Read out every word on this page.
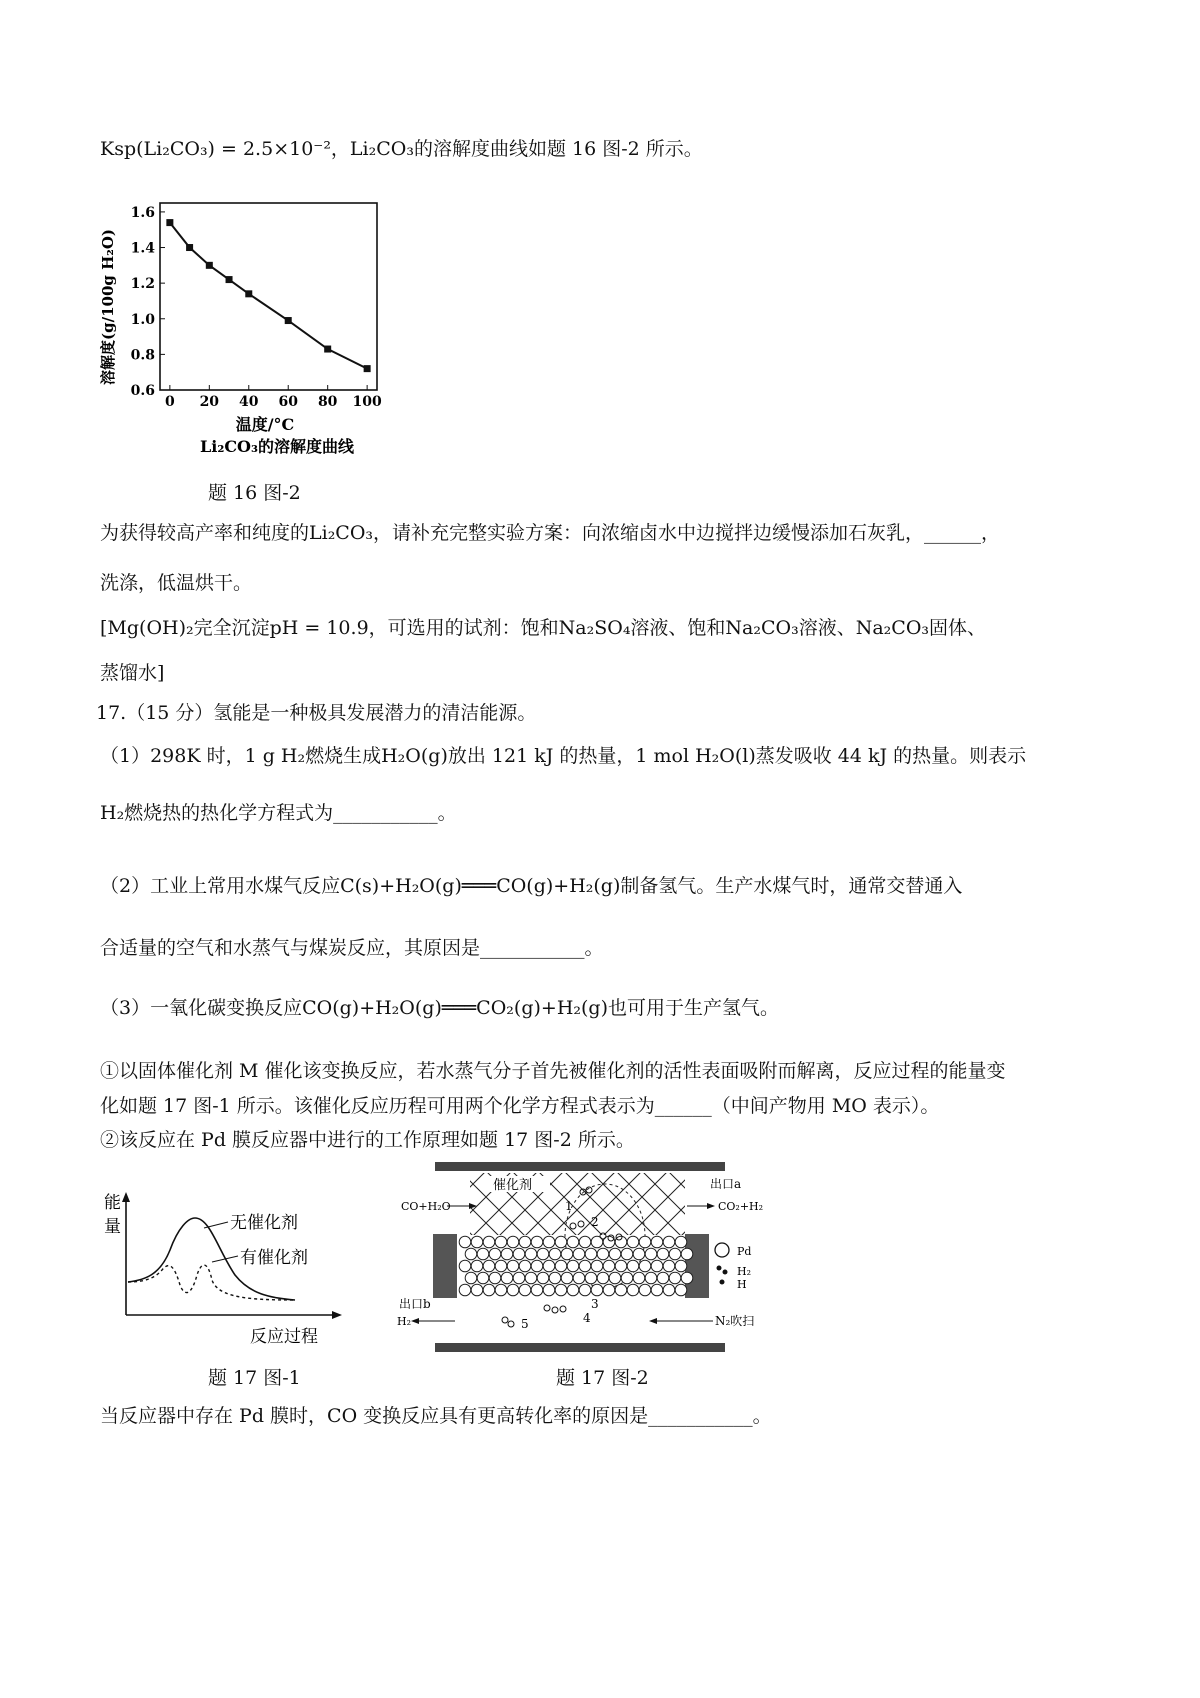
Ksp(Li₂CO₃) = 2.5×10⁻²，Li₂CO₃的溶解度曲线如题 16 图-2 所示。
0.6
0.8
1.0
1.2
1.4
1.6
0 20 40 60 80 100
溶解度(g/100g H₂O)
温度/°C
Li₂CO₃的溶解度曲线
题 16 图-2
为获得较高产率和纯度的Li₂CO₃，请补充完整实验方案：向浓缩卤水中边搅拌边缓慢添加石灰乳，______，
洗涤，低温烘干。
[Mg(OH)₂完全沉淀pH = 10.9，可选用的试剂：饱和Na₂SO₄溶液、饱和Na₂CO₃溶液、Na₂CO₃固体、
蒸馏水]
17.（15 分）氢能是一种极具发展潜力的清洁能源。
（1）298K 时，1 g H₂燃烧生成H₂O(g)放出 121 kJ 的热量，1 mol H₂O(l)蒸发吸收 44 kJ 的热量。则表示
H₂燃烧热的热化学方程式为___________。
（2）工业上常用水煤气反应C(s)+H₂O(g)═══CO(g)+H₂(g)制备氢气。生产水煤气时，通常交替通入
合适量的空气和水蒸气与煤炭反应，其原因是___________。
（3）一氧化碳变换反应CO(g)+H₂O(g)═══CO₂(g)+H₂(g)也可用于生产氢气。
①以固体催化剂 M 催化该变换反应，若水蒸气分子首先被催化剂的活性表面吸附而解离，反应过程的能量变
化如题 17 图-1 所示。该催化反应历程可用两个化学方程式表示为______（中间产物用 MO 表示）。
②该反应在 Pd 膜反应器中进行的工作原理如题 17 图-2 所示。
能
量	无催化剂
有催化剂
反应过程
题 17 图-1
催化剂	出口a
CO+H₂O	CO₂+H₂
1
2
3
4
5
出口b
H₂	N₂吹扫
Pd
H₂
H
题 17 图-2
当反应器中存在 Pd 膜时，CO 变换反应具有更高转化率的原因是___________。
